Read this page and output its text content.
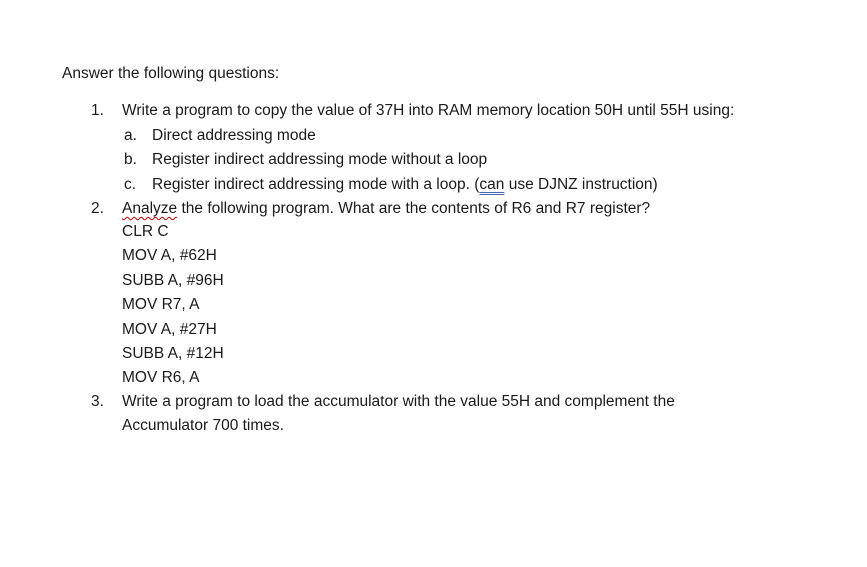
Answer the following questions:
1. Write a program to copy the value of 37H into RAM memory location 50H until 55H using:
a. Direct addressing mode
b. Register indirect addressing mode without a loop
c. Register indirect addressing mode with a loop. (can use DJNZ instruction)
2. Analyze the following program. What are the contents of R6 and R7 register?
CLR C
MOV A, #62H
SUBB A, #96H
MOV R7, A
MOV A, #27H
SUBB A, #12H
MOV R6, A
3. Write a program to load the accumulator with the value 55H and complement the
Accumulator 700 times.
